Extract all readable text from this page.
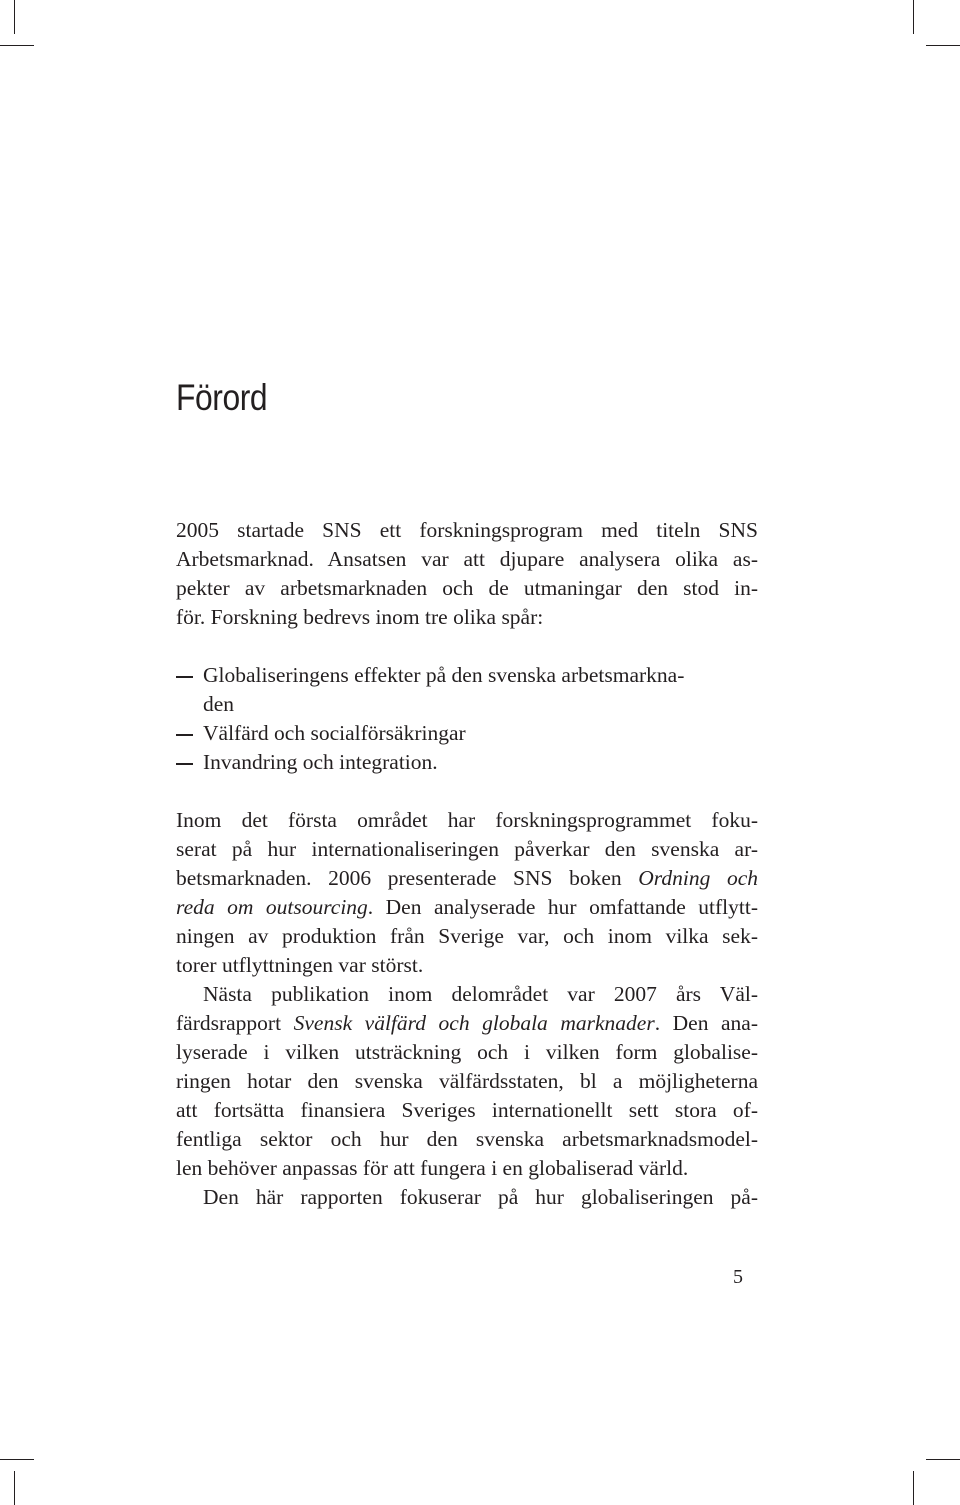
Förord
2005 startade SNS ett forskningsprogram med titeln SNS
Arbetsmarknad. Ansatsen var att djupare analysera olika as-
pekter av arbetsmarknaden och de utmaningar den stod in-
för. Forskning bedrevs inom tre olika spår:
Globaliseringens effekter på den svenska arbetsmarkna-
den
Välfärd och socialförsäkringar
Invandring och integration.
Inom det första området har forskningsprogrammet foku-
serat på hur internationaliseringen påverkar den svenska ar-
betsmarknaden. 2006 presenterade SNS boken Ordning och
reda om outsourcing. Den analyserade hur omfattande utflytt-
ningen av produktion från Sverige var, och inom vilka sek-
torer utflyttningen var störst.
Nästa publikation inom delområdet var 2007 års Väl-
färdsrapport Svensk välfärd och globala marknader. Den ana-
lyserade i vilken utsträckning och i vilken form globalise-
ringen hotar den svenska välfärdsstaten, bl a möjligheterna
att fortsätta finansiera Sveriges internationellt sett stora of-
fentliga sektor och hur den svenska arbetsmarknadsmodel-
len behöver anpassas för att fungera i en globaliserad värld.
Den här rapporten fokuserar på hur globaliseringen på-
5
